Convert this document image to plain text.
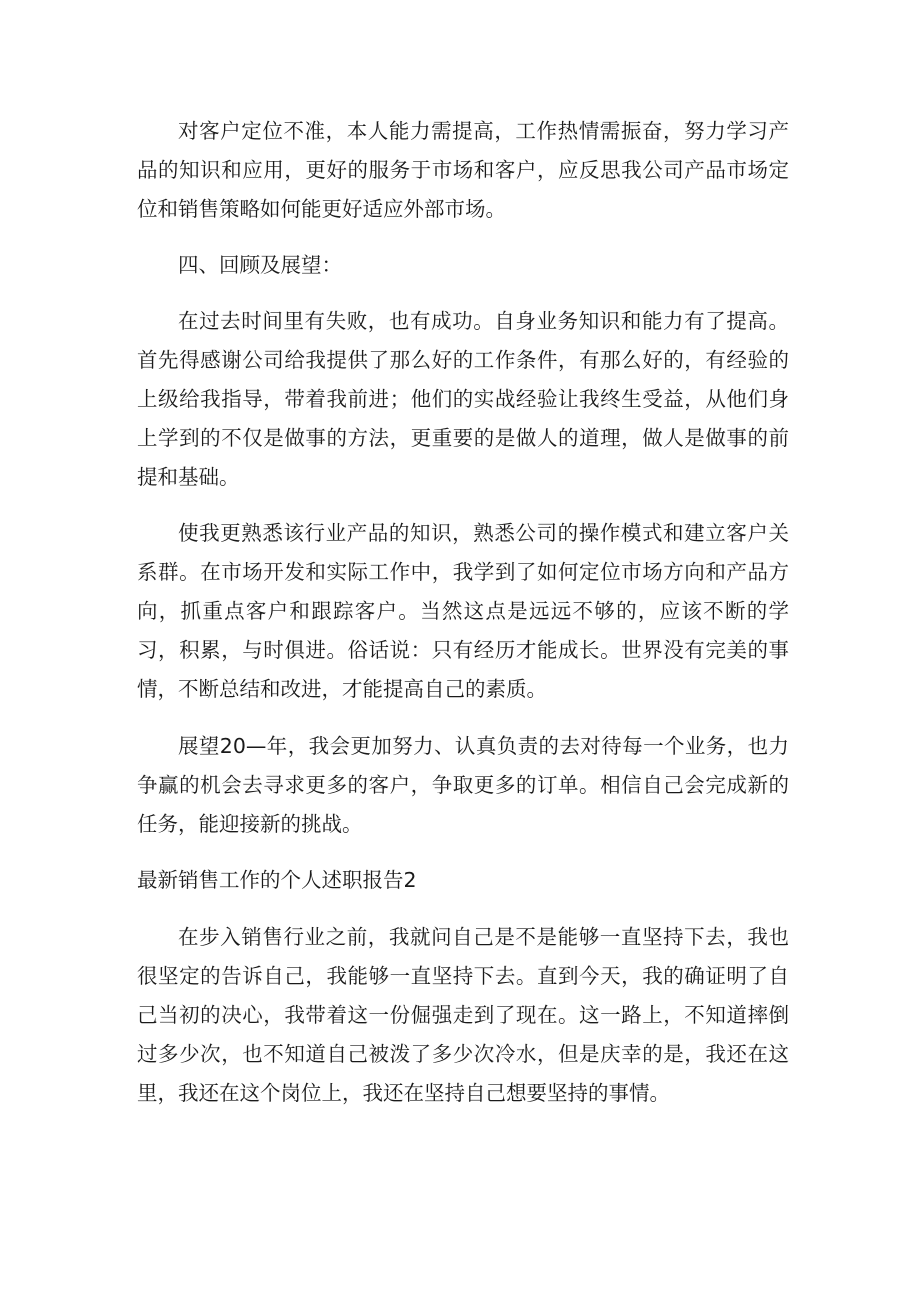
对客户定位不准，本人能力需提高，工作热情需振奋，努力学习产品的知识和应用，更好的服务于市场和客户，应反思我公司产品市场定位和销售策略如何能更好适应外部市场。

四、回顾及展望：

在过去时间里有失败，也有成功。自身业务知识和能力有了提高。首先得感谢公司给我提供了那么好的工作条件，有那么好的，有经验的上级给我指导，带着我前进；他们的实战经验让我终生受益，从他们身上学到的不仅是做事的方法，更重要的是做人的道理，做人是做事的前提和基础。

使我更熟悉该行业产品的知识，熟悉公司的操作模式和建立客户关系群。在市场开发和实际工作中，我学到了如何定位市场方向和产品方向，抓重点客户和跟踪客户。当然这点是远远不够的，应该不断的学习，积累，与时俱进。俗话说：只有经历才能成长。世界没有完美的事情，不断总结和改进，才能提高自己的素质。

展望20—年，我会更加努力、认真负责的去对待每一个业务，也力争赢的机会去寻求更多的客户，争取更多的订单。相信自己会完成新的任务，能迎接新的挑战。

最新销售工作的个人述职报告2

在步入销售行业之前，我就问自己是不是能够一直坚持下去，我也很坚定的告诉自己，我能够一直坚持下去。直到今天，我的确证明了自己当初的决心，我带着这一份倔强走到了现在。这一路上，不知道摔倒过多少次，也不知道自己被泼了多少次冷水，但是庆幸的是，我还在这里，我还在这个岗位上，我还在坚持自己想要坚持的事情。
